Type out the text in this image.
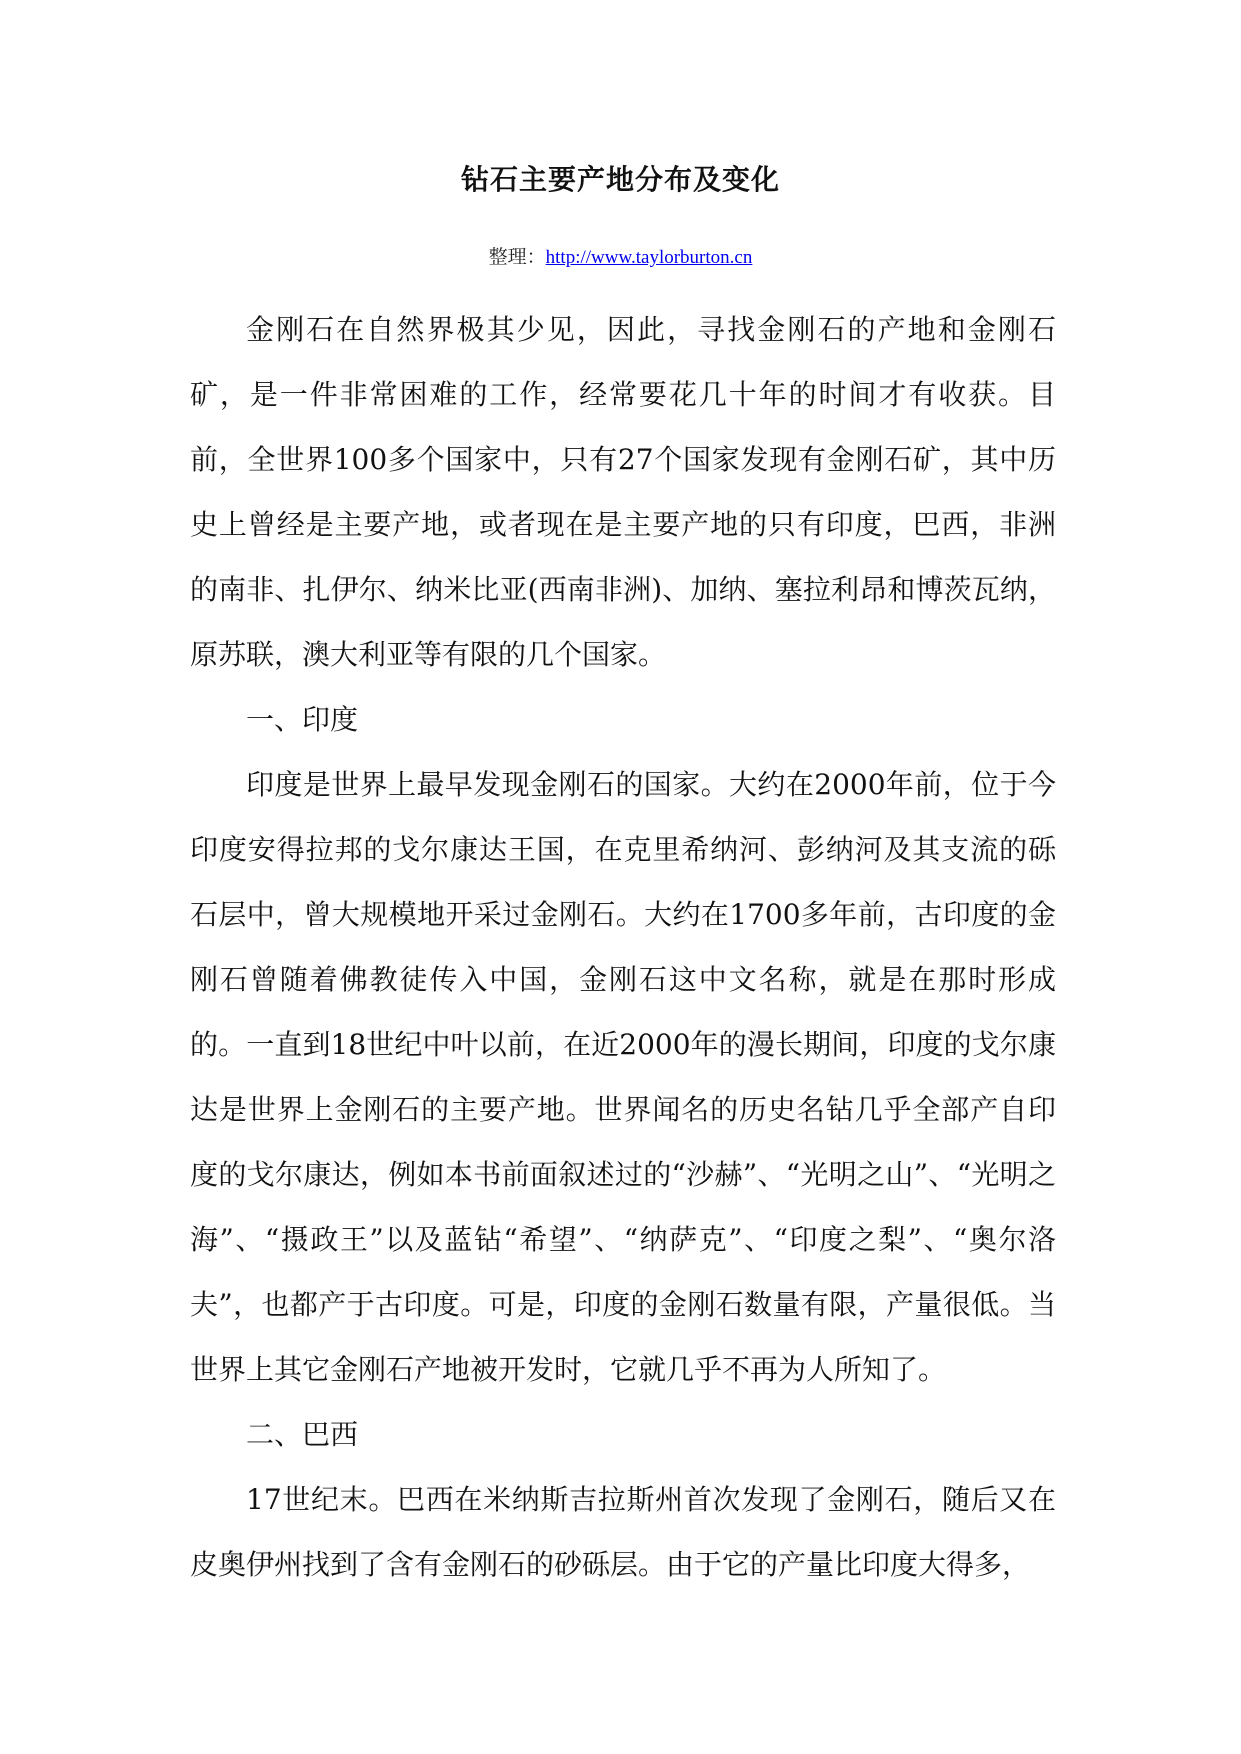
钻石主要产地分布及变化
整理：http://www.taylorburton.cn

金刚石在自然界极其少见，因此，寻找金刚石的产地和金刚石矿，是一件非常困难的工作，经常要花几十年的时间才有收获。目前，全世界100多个国家中，只有27个国家发现有金刚石矿，其中历史上曾经是主要产地，或者现在是主要产地的只有印度，巴西，非洲的南非、扎伊尔、纳米比亚(西南非洲)、加纳、塞拉利昂和博茨瓦纳，原苏联，澳大利亚等有限的几个国家。

一、印度

印度是世界上最早发现金刚石的国家。大约在2000年前，位于今印度安得拉邦的戈尔康达王国，在克里希纳河、彭纳河及其支流的砾石层中，曾大规模地开采过金刚石。大约在1700多年前，古印度的金刚石曾随着佛教徒传入中国，金刚石这中文名称，就是在那时形成的。一直到18世纪中叶以前，在近2000年的漫长期间，印度的戈尔康达是世界上金刚石的主要产地。世界闻名的历史名钻几乎全部产自印度的戈尔康达，例如本书前面叙述过的“沙赫”、“光明之山”、“光明之海”、“摄政王”以及蓝钻“希望”、“纳萨克”、“印度之梨”、“奥尔洛夫”，也都产于古印度。可是，印度的金刚石数量有限，产量很低。当世界上其它金刚石产地被开发时，它就几乎不再为人所知了。

二、巴西

17世纪末。巴西在米纳斯吉拉斯州首次发现了金刚石，随后又在皮奥伊州找到了含有金刚石的砂砾层。由于它的产量比印度大得多，
